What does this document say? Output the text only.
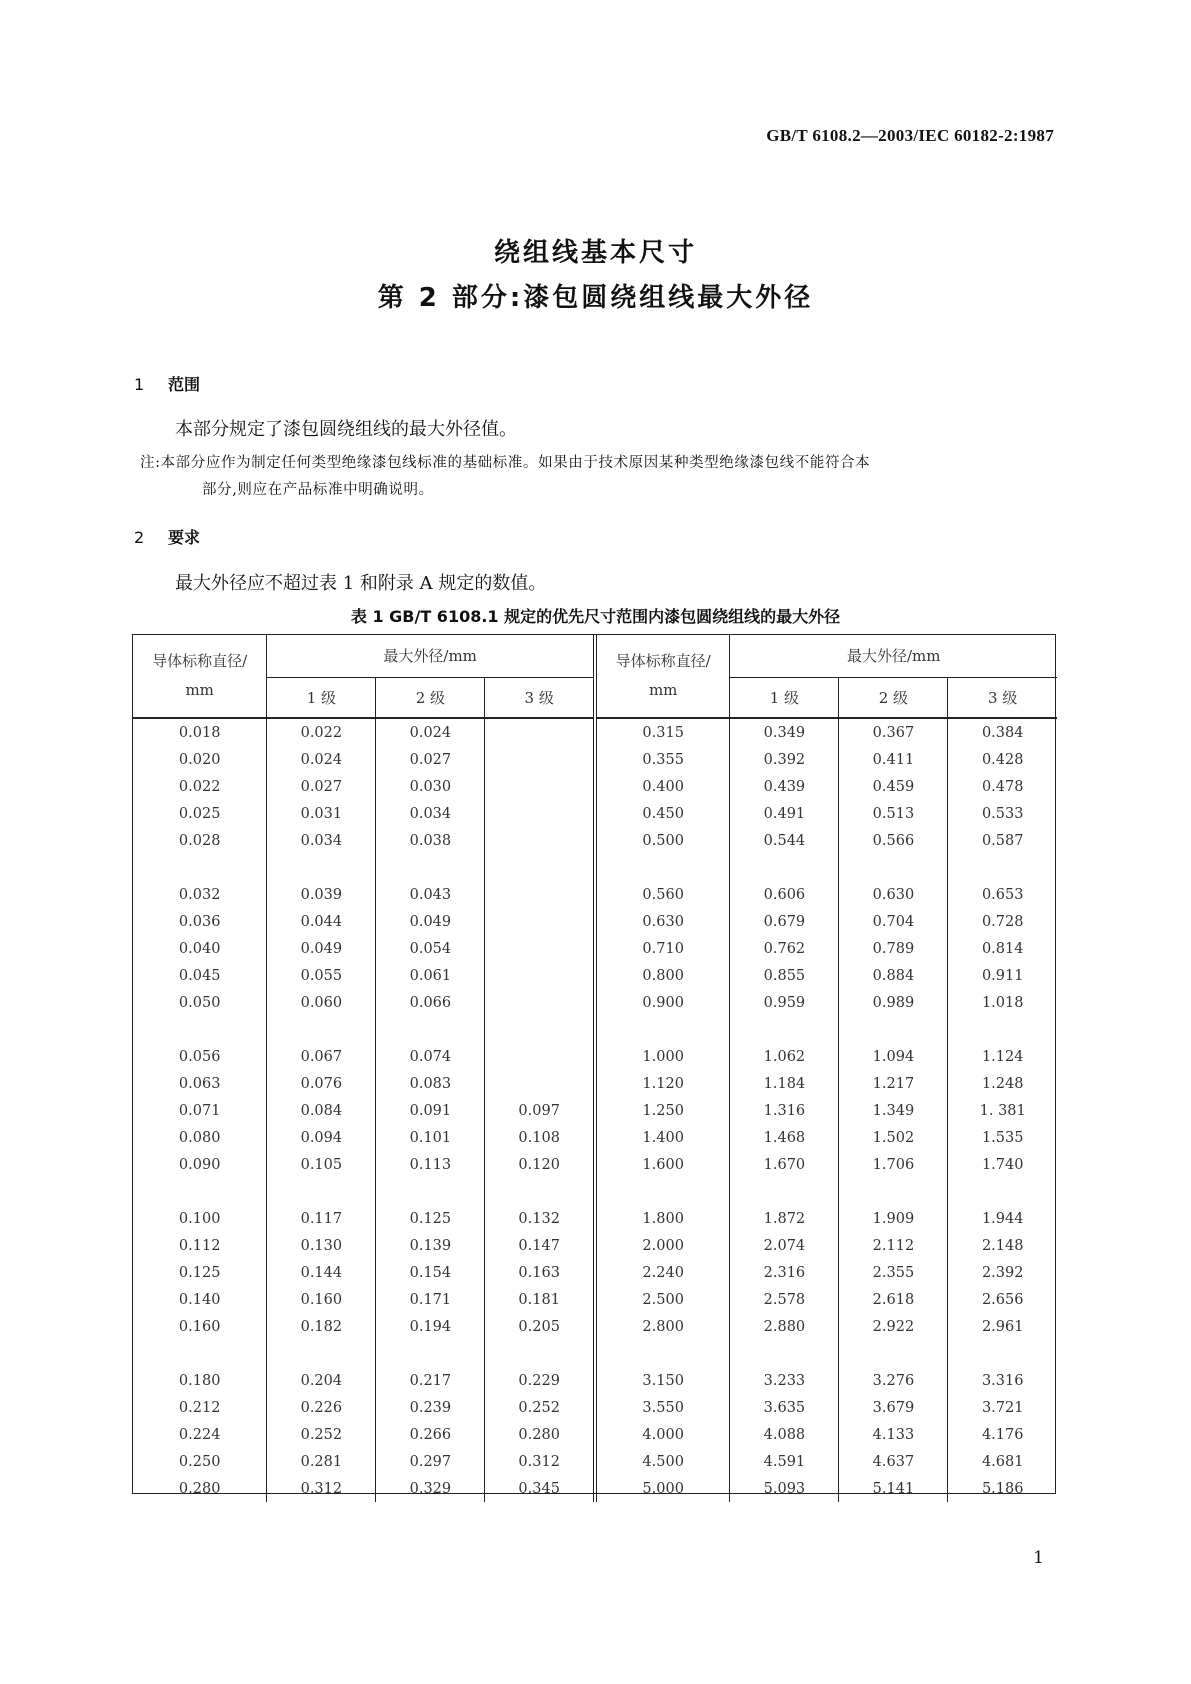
GB/T 6108.2—2003/IEC 60182-2:1987
绕组线基本尺寸
第 2 部分:漆包圆绕组线最大外径
1 范围
本部分规定了漆包圆绕组线的最大外径值。
注:本部分应作为制定任何类型绝缘漆包线标准的基础标准。如果由于技术原因某种类型绝缘漆包线不能符合本
部分,则应在产品标准中明确说明。
2 要求
最大外径应不超过表 1 和附录 A 规定的数值。
表 1 GB/T 6108.1 规定的优先尺寸范围内漆包圆绕组线的最大外径
导体标称直径/	最大外径/mm			导体标称直径/	最大外径/mm		
mm	1 级	2 级	3 级	mm	1 级	2 级	3 级
0.018	0.022	0.024		0.315	0.349	0.367	0.384
0.020	0.024	0.027		0.355	0.392	0.411	0.428
0.022	0.027	0.030		0.400	0.439	0.459	0.478
0.025	0.031	0.034		0.450	0.491	0.513	0.533
0.028	0.034	0.038		0.500	0.544	0.566	0.587
0.032	0.039	0.043		0.560	0.606	0.630	0.653
0.036	0.044	0.049		0.630	0.679	0.704	0.728
0.040	0.049	0.054		0.710	0.762	0.789	0.814
0.045	0.055	0.061		0.800	0.855	0.884	0.911
0.050	0.060	0.066		0.900	0.959	0.989	1.018
0.056	0.067	0.074		1.000	1.062	1.094	1.124
0.063	0.076	0.083		1.120	1.184	1.217	1.248
0.071	0.084	0.091	0.097	1.250	1.316	1.349	1. 381
0.080	0.094	0.101	0.108	1.400	1.468	1.502	1.535
0.090	0.105	0.113	0.120	1.600	1.670	1.706	1.740
0.100	0.117	0.125	0.132	1.800	1.872	1.909	1.944
0.112	0.130	0.139	0.147	2.000	2.074	2.112	2.148
0.125	0.144	0.154	0.163	2.240	2.316	2.355	2.392
0.140	0.160	0.171	0.181	2.500	2.578	2.618	2.656
0.160	0.182	0.194	0.205	2.800	2.880	2.922	2.961
0.180	0.204	0.217	0.229	3.150	3.233	3.276	3.316
0.212	0.226	0.239	0.252	3.550	3.635	3.679	3.721
0.224	0.252	0.266	0.280	4.000	4.088	4.133	4.176
0.250	0.281	0.297	0.312	4.500	4.591	4.637	4.681
0.280	0.312	0.329	0.345	5.000	5.093	5.141	5.186
1
